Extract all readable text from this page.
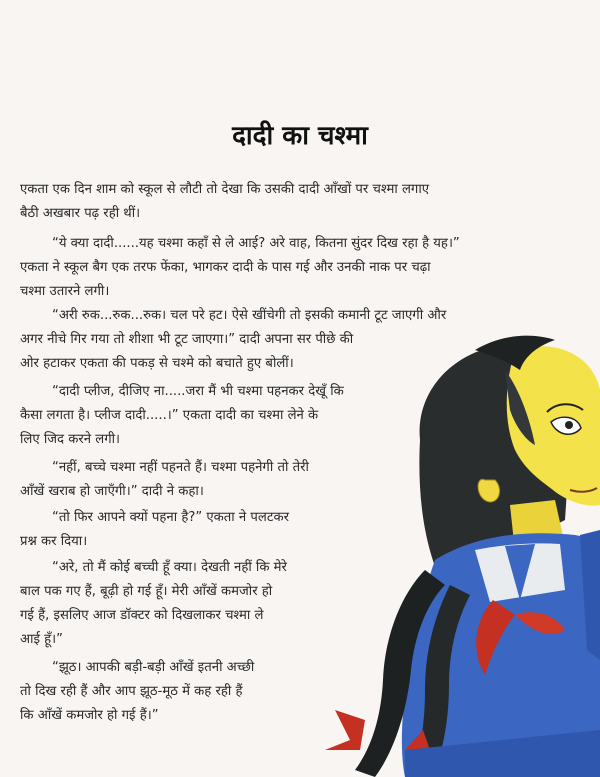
दादी का चश्मा
एकता एक दिन शाम को स्कूल से लौटी तो देखा कि उसकी दादी आँखों पर चश्मा लगाए
बैठी अखबार पढ़ रही थीं।
“ये क्या दादी......यह चश्मा कहाँ से ले आई? अरे वाह, कितना सुंदर दिख रहा है यह।”
एकता ने स्कूल बैग एक तरफ फेंका, भागकर दादी के पास गई और उनकी नाक पर चढ़ा
चश्मा उतारने लगी।
“अरी रुक...रुक...रुक। चल परे हट। ऐसे खींचेगी तो इसकी कमानी टूट जाएगी और
अगर नीचे गिर गया तो शीशा भी टूट जाएगा।” दादी अपना सर पीछे की
ओर हटाकर एकता की पकड़ से चश्मे को बचाते हुए बोलीं।
“दादी प्लीज, दीजिए ना.....जरा मैं भी चश्मा पहनकर देखूँ कि
कैसा लगता है। प्लीज दादी.....।” एकता दादी का चश्मा लेने के
लिए जिद करने लगी।
“नहीं, बच्चे चश्मा नहीं पहनते हैं। चश्मा पहनेगी तो तेरी
आँखें खराब हो जाएँगी।” दादी ने कहा।
“तो फिर आपने क्यों पहना है?” एकता ने पलटकर
प्रश्न कर दिया।
“अरे, तो मैं कोई बच्ची हूँ क्या। देखती नहीं कि मेरे
बाल पक गए हैं, बूढ़ी हो गई हूँ। मेरी आँखें कमजोर हो
गई हैं, इसलिए आज डॉक्टर को दिखलाकर चश्मा ले
आई हूँ।”
“झूठ। आपकी बड़ी-बड़ी आँखें इतनी अच्छी
तो दिख रही हैं और आप झूठ-मूठ में कह रही हैं
कि आँखें कमजोर हो गई हैं।”
